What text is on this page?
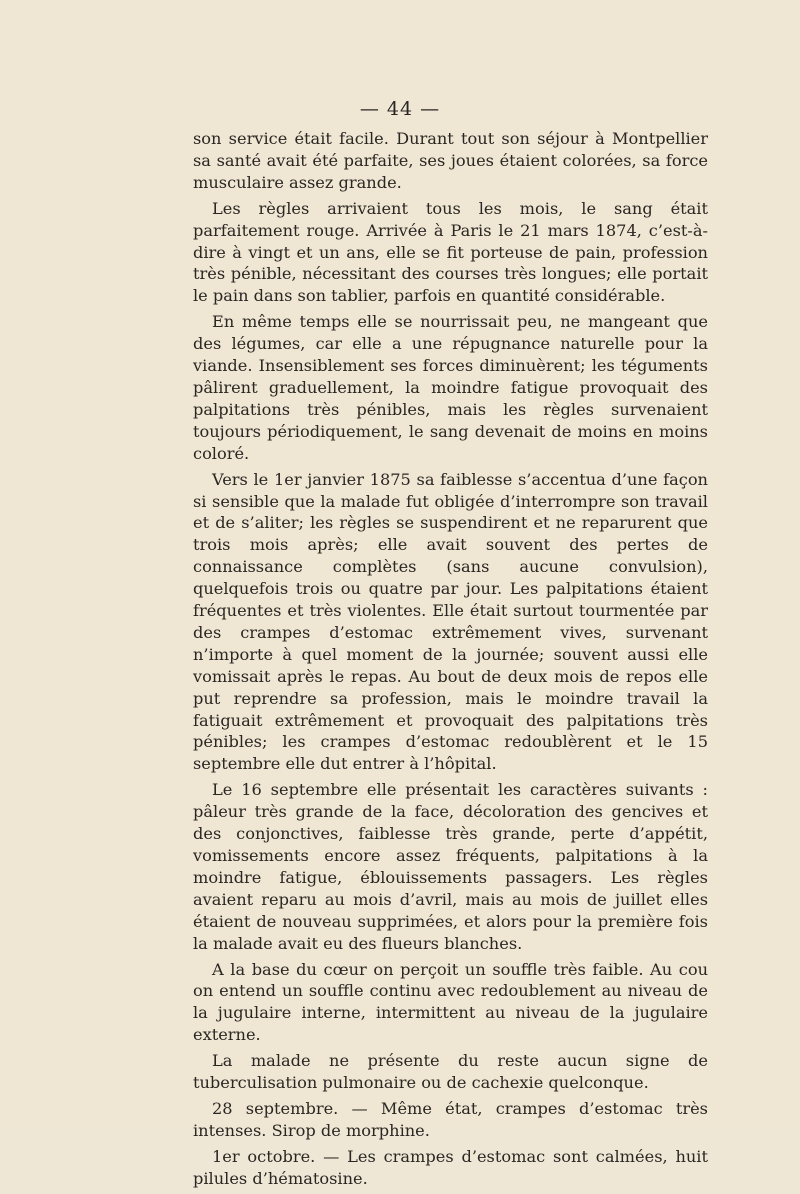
— 44 —

son service était facile. Durant tout son séjour à Montpellier sa santé avait été parfaite, ses joues étaient colorées, sa force musculaire assez grande.

Les règles arrivaient tous les mois, le sang était parfaitement rouge. Arrivée à Paris le 21 mars 1874, c’est-à-dire à vingt et un ans, elle se fit porteuse de pain, profession très pénible, nécessitant des courses très longues; elle portait le pain dans son tablier, parfois en quantité considérable.

En même temps elle se nourrissait peu, ne mangeant que des légumes, car elle a une répugnance naturelle pour la viande. Insensiblement ses forces diminuèrent; les téguments pâlirent graduellement, la moindre fatigue provoquait des palpitations très pénibles, mais les règles survenaient toujours périodiquement, le sang devenait de moins en moins coloré.

Vers le 1er janvier 1875 sa faiblesse s’accentua d’une façon si sensible que la malade fut obligée d’interrompre son travail et de s’aliter; les règles se suspendirent et ne reparurent que trois mois après; elle avait souvent des pertes de connaissance complètes (sans aucune convulsion), quelquefois trois ou quatre par jour. Les palpitations étaient fréquentes et très violentes. Elle était surtout tourmentée par des crampes d’estomac extrêmement vives, survenant n’importe à quel moment de la journée; souvent aussi elle vomissait après le repas. Au bout de deux mois de repos elle put reprendre sa profession, mais le moindre travail la fatiguait extrêmement et provoquait des palpitations très pénibles; les crampes d’estomac redoublèrent et le 15 septembre elle dut entrer à l’hôpital.

Le 16 septembre elle présentait les caractères suivants : pâleur très grande de la face, décoloration des gencives et des conjonctives, faiblesse très grande, perte d’appétit, vomissements encore assez fréquents, palpitations à la moindre fatigue, éblouissements passagers. Les règles avaient reparu au mois d’avril, mais au mois de juillet elles étaient de nouveau supprimées, et alors pour la première fois la malade avait eu des flueurs blanches.

A la base du cœur on perçoit un souffle très faible. Au cou on entend un souffle continu avec redoublement au niveau de la jugulaire interne, intermittent au niveau de la jugulaire externe.

La malade ne présente du reste aucun signe de tuberculisation pulmonaire ou de cachexie quelconque.

28 septembre. — Même état, crampes d’estomac très intenses. Sirop de morphine.

1er octobre. — Les crampes d’estomac sont calmées, huit pilules d’hématosine.
